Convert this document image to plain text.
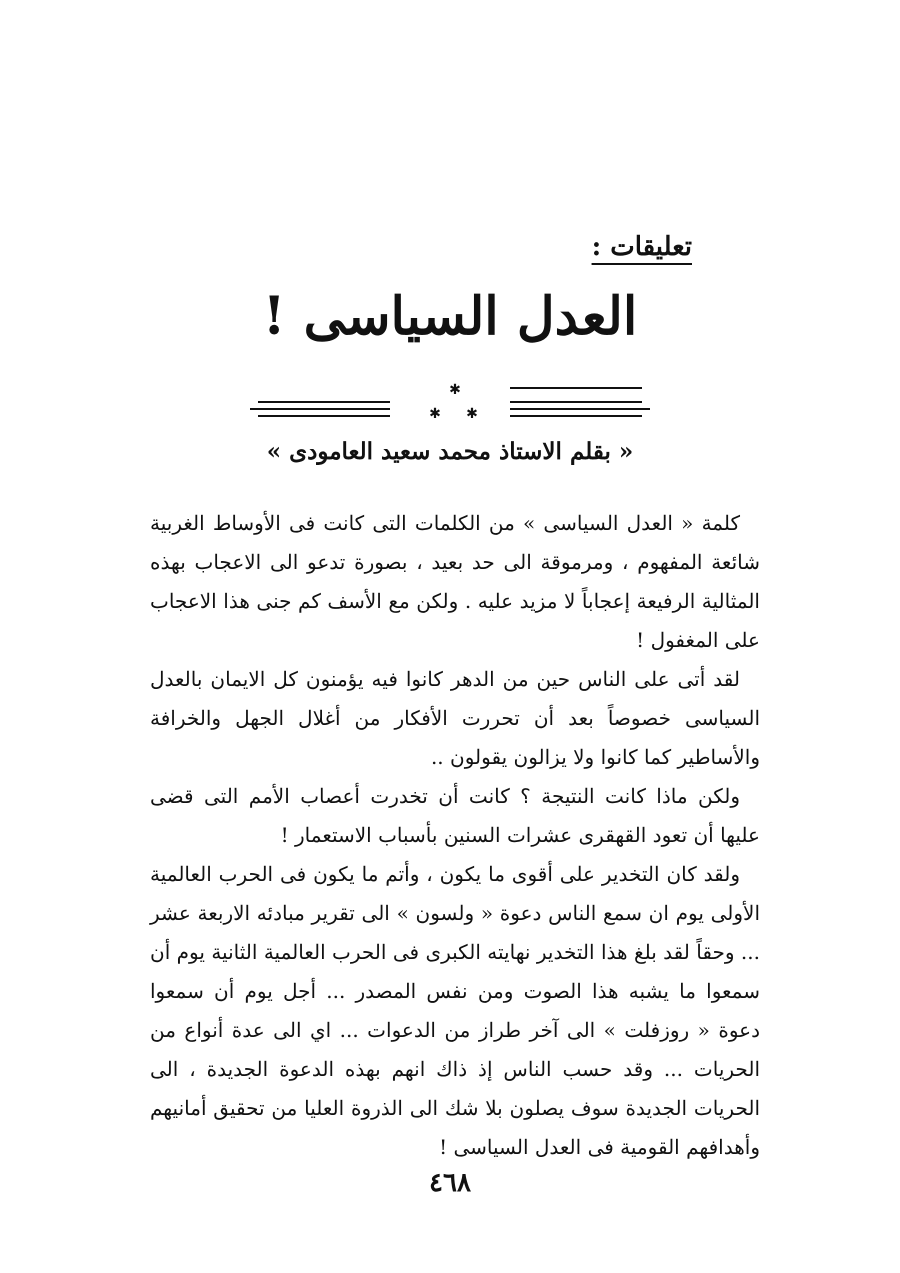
تعليقات :
العدل السياسى !
✱
✱ ✱
« بقلم الاستاذ محمد سعيد العامودى »

كلمة « العدل السياسى » من الكلمات التى كانت فى الأوساط الغربية شائعة المفهوم ، ومرموقة الى حد بعيد ، بصورة تدعو الى الاعجاب بهذه المثالية الرفيعة إعجاباً لا مزيد عليه . ولكن مع الأسف كم جنى هذا الاعجاب على المغفول !

لقد أتى على الناس حين من الدهر كانوا فيه يؤمنون كل الايمان بالعدل السياسى خصوصاً بعد أن تحررت الأفكار من أغلال الجهل والخرافة والأساطير كما كانوا ولا يزالون يقولون ..

ولكن ماذا كانت النتيجة ؟ كانت أن تخدرت أعصاب الأمم التى قضى عليها أن تعود القهقرى عشرات السنين بأسباب الاستعمار !

ولقد كان التخدير على أقوى ما يكون ، وأتم ما يكون فى الحرب العالمية الأولى يوم ان سمع الناس دعوة « ولسون » الى تقرير مبادئه الاربعة عشر ... وحقاً لقد بلغ هذا التخدير نهايته الكبرى فى الحرب العالمية الثانية يوم أن سمعوا ما يشبه هذا الصوت ومن نفس المصدر ... أجل يوم أن سمعوا دعوة « روزفلت » الى آخر طراز من الدعوات ... اي الى عدة أنواع من الحريات ... وقد حسب الناس إذ ذاك انهم بهذه الدعوة الجديدة ، الى الحريات الجديدة سوف يصلون بلا شك الى الذروة العليا من تحقيق أمانيهم وأهدافهم القومية فى العدل السياسى !

٤٦٨
